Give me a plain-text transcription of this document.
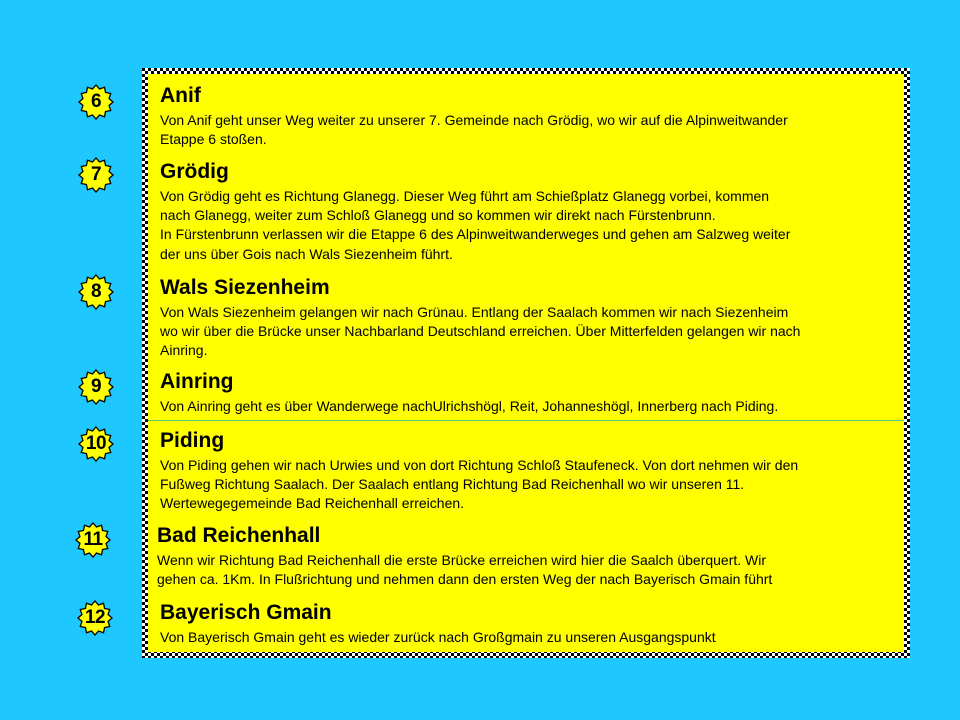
6
7
8
9
10
11
12
Anif

Von Anif geht unser Weg weiter zu unserer 7. Gemeinde nach Grödig, wo wir auf die Alpinweitwander
Etappe 6 stoßen.

Grödig

Von Grödig geht es Richtung Glanegg. Dieser Weg führt am Schießplatz Glanegg vorbei, kommen
nach Glanegg, weiter zum Schloß Glanegg und so kommen wir direkt nach Fürstenbrunn.
In Fürstenbrunn verlassen wir die Etappe 6 des Alpinweitwanderweges und gehen am Salzweg weiter
der uns über Gois nach Wals Siezenheim führt.

Wals Siezenheim

Von Wals Siezenheim gelangen wir nach Grünau. Entlang der Saalach kommen wir nach Siezenheim
wo wir über die Brücke unser Nachbarland Deutschland erreichen. Über Mitterfelden gelangen wir nach
Ainring.

Ainring

Von Ainring geht es über Wanderwege nachUlrichshögl, Reit, Johanneshögl, Innerberg nach Piding.

Piding

Von Piding gehen wir nach Urwies und von dort Richtung Schloß Staufeneck. Von dort nehmen wir den
Fußweg Richtung Saalach. Der Saalach entlang Richtung Bad Reichenhall wo wir unseren 11.
Wertewegegemeinde Bad Reichenhall erreichen.

Bad Reichenhall

Wenn wir Richtung Bad Reichenhall die erste Brücke erreichen wird hier die Saalch überquert. Wir
gehen ca. 1Km. In Flußrichtung und nehmen dann den ersten Weg der nach Bayerisch Gmain führt

Bayerisch Gmain

Von Bayerisch Gmain geht es wieder zurück nach Großgmain zu unseren Ausgangspunkt
